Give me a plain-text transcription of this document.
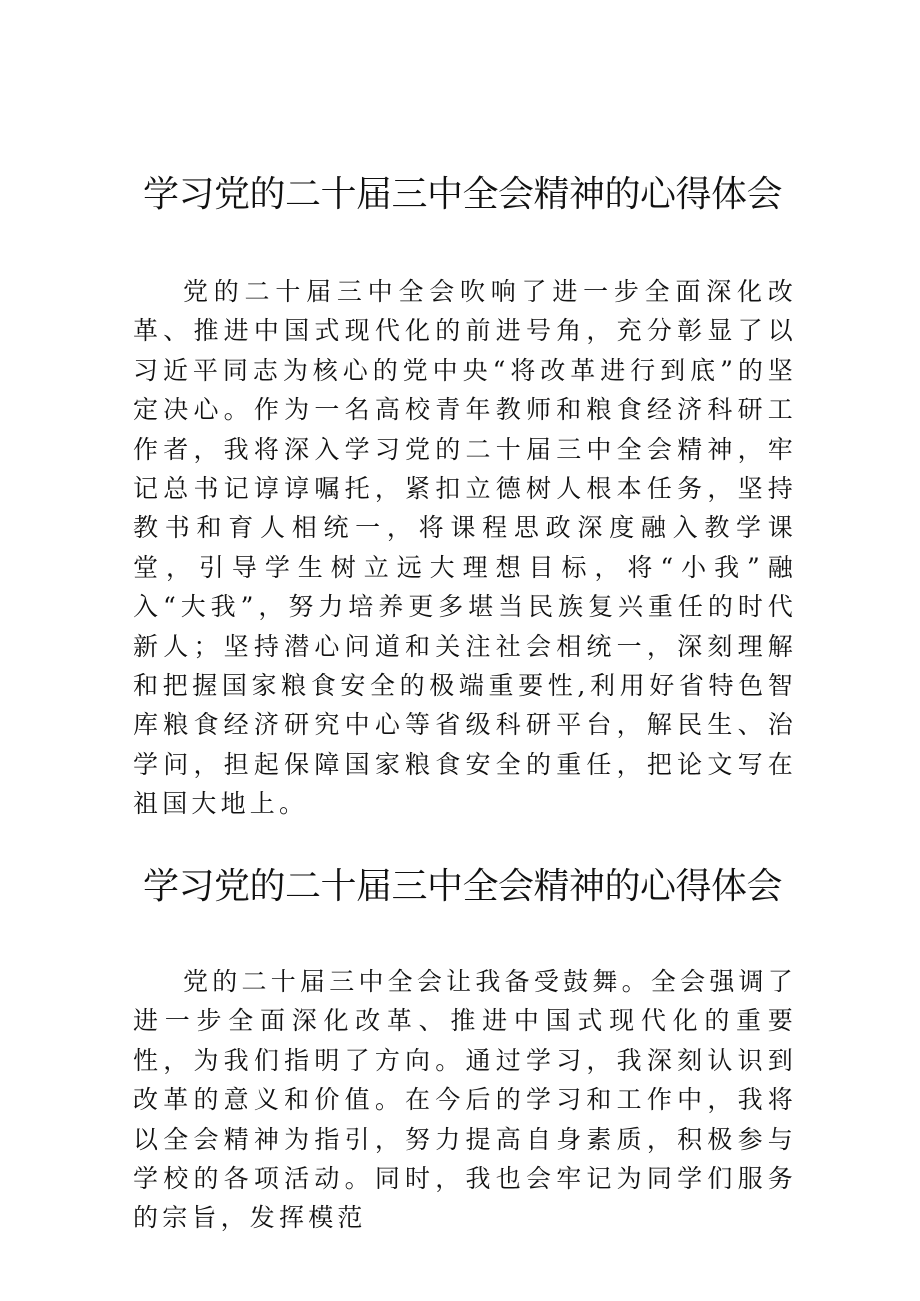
学习党的二十届三中全会精神的心得体会

党的二十届三中全会吹响了进一步全面深化改革、推进中国式现代化的前进号角，充分彰显了以习近平同志为核心的党中央“将改革进行到底”的坚定决心。作为一名高校青年教师和粮食经济科研工作者，我将深入学习党的二十届三中全会精神，牢记总书记谆谆嘱托，紧扣立德树人根本任务，坚持教书和育人相统一，将课程思政深度融入教学课堂，引导学生树立远大理想目标，将“小我”融入“大我”，努力培养更多堪当民族复兴重任的时代新人；坚持潜心问道和关注社会相统一，深刻理解和把握国家粮食安全的极端重要性,利用好省特色智库粮食经济研究中心等省级科研平台，解民生、治学问，担起保障国家粮食安全的重任，把论文写在祖国大地上。

学习党的二十届三中全会精神的心得体会

党的二十届三中全会让我备受鼓舞。全会强调了进一步全面深化改革、推进中国式现代化的重要性，为我们指明了方向。通过学习，我深刻认识到改革的意义和价值。在今后的学习和工作中，我将以全会精神为指引，努力提高自身素质，积极参与学校的各项活动。同时，我也会牢记为同学们服务的宗旨，发挥模范
